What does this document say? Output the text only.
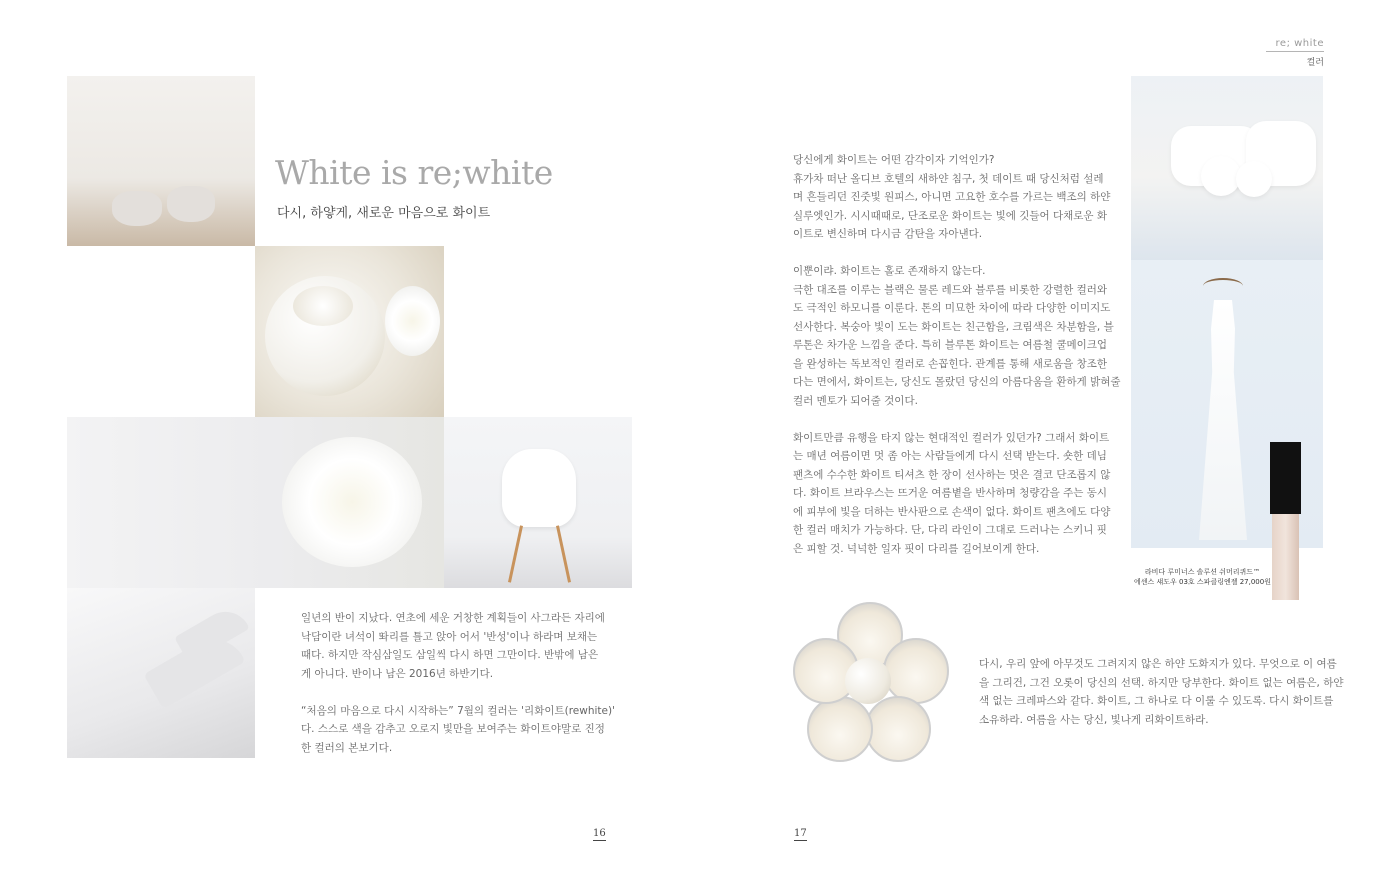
re; white
컬러
White is re;white
다시, 하얗게, 새로운 마음으로 화이트
일년의 반이 지났다. 연초에 세운 거창한 계획들이 사그라든 자리에
낙담이란 녀석이 똬리를 틀고 앉아 어서 '반성'이나 하라며 보채는
때다. 하지만 작심삼일도 삼일씩 다시 하면 그만이다. 반밖에 남은
게 아니다. 반이나 남은 2016년 하반기다.
“처음의 마음으로 다시 시작하는” 7월의 컬러는 '리화이트(rewhite)'
다. 스스로 색을 감추고 오로지 빛만을 보여주는 화이트야말로 진정
한 컬러의 본보기다.
당신에게 화이트는 어떤 감각이자 기억인가?
휴가차 떠난 올디브 호텔의 새하얀 침구, 첫 데이트 때 당신처럼 설레
며 흔들리던 진줏빛 원피스, 아니면 고요한 호수를 가르는 백조의 하얀
실루엣인가. 시시때때로, 단조로운 화이트는 빛에 깃들어 다채로운 화
이트로 변신하며 다시금 감탄을 자아낸다.
이뿐이랴. 화이트는 홀로 존재하지 않는다.
극한 대조를 이루는 블랙은 물론 레드와 블루를 비롯한 강렬한 컬러와
도 극적인 하모니를 이룬다. 톤의 미묘한 차이에 따라 다양한 이미지도
선사한다. 복숭아 빛이 도는 화이트는 친근함을, 크림색은 차분함을, 블
루톤은 차가운 느낌을 준다. 특히 블루톤 화이트는 여름철 쿨메이크업
을 완성하는 독보적인 컬러로 손꼽힌다. 관계를 통해 새로움을 창조한
다는 면에서, 화이트는, 당신도 몰랐던 당신의 아름다움을 환하게 밝혀줄
컬러 멘토가 되어줄 것이다.
화이트만큼 유행을 타지 않는 현대적인 컬러가 있던가? 그래서 화이트
는 매년 여름이면 멋 좀 아는 사람들에게 다시 선택 받는다. 숏한 데님
팬츠에 수수한 화이트 티셔츠 한 장이 선사하는 멋은 결코 단조롭지 않
다. 화이트 브라우스는 뜨거운 여름볕을 반사하며 청량감을 주는 동시
에 피부에 빛을 더하는 반사판으로 손색이 없다. 화이트 팬츠에도 다양
한 컬러 매치가 가능하다. 단, 다리 라인이 그대로 드러나는 스키니 핏
은 피할 것. 넉넉한 일자 핏이 다리를 길어보이게 한다.
라비다 루미너스 솔루션 쉬머리퀴드™
에센스 섀도우 03호 스파클링엔젤 27,000원
다시, 우리 앞에 아무것도 그려지지 않은 하얀 도화지가 있다. 무엇으로 이 여름
을 그리건, 그건 오롯이 당신의 선택. 하지만 당부한다. 화이트 없는 여름은, 하얀
색 없는 크레파스와 같다. 화이트, 그 하나로 다 이룰 수 있도록. 다시 화이트를
소유하라. 여름을 사는 당신, 빛나게 리화이트하라.
16	17
